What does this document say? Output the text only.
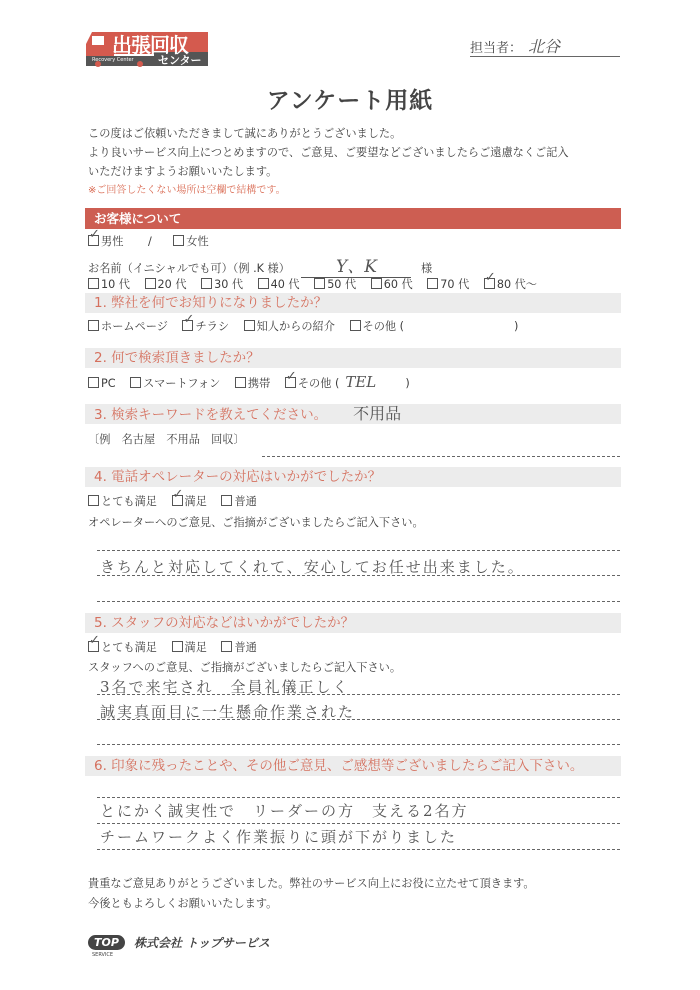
出張回収
センター
Recovery Center
担当者： 北谷
アンケート用紙
この度はご依頼いただきまして誠にありがとうございました。
より良いサービス向上につとめますので、ご意見、ご要望などございましたらご遠慮なくご記入
いただけますようお願いいたします。
※ご回答したくない場所は空欄で結構です。
お客様について
✓男性 /	女性
お名前（イニシャルでも可）（例 .K 様）	Y、K	様
10 代 20 代 30 代 40 代 50 代 60 代 70 代 ✓ 80 代～
1. 弊社を何でお知りになりましたか？
ホームページ ✓ チラシ 知人からの紹介 その他 (	)
2. 何で検索頂きましたか？
PC スマートフォン 携帯 ✓ その他 ( TEL	)
3. 検索キーワードを教えてください。 不用品
〔例　名古屋　不用品　回収〕
4. 電話オペレーターの対応はいかがでしたか？
とても満足 ✓ 満足 普通
オペレーターへのご意見、ご指摘がございましたらご記入下さい。
きちんと対応してくれて、安心してお任せ出来ました。
5. スタッフの対応などはいかがでしたか？
✓とても満足 満足 普通
スタッフへのご意見、ご指摘がございましたらご記入下さい。
3名で来宅され　全員礼儀正しく
誠実真面目に一生懸命作業された
6. 印象に残ったことや、その他ご意見、ご感想等ございましたらご記入下さい。
とにかく誠実性で　リーダーの方　支える2名方
チームワークよく作業振りに頭が下がりました
貴重なご意見ありがとうございました。弊社のサービス向上にお役に立たせて頂きます。
今後ともよろしくお願いいたします。
TOP 株式会社 トップサービス
SERVICE
